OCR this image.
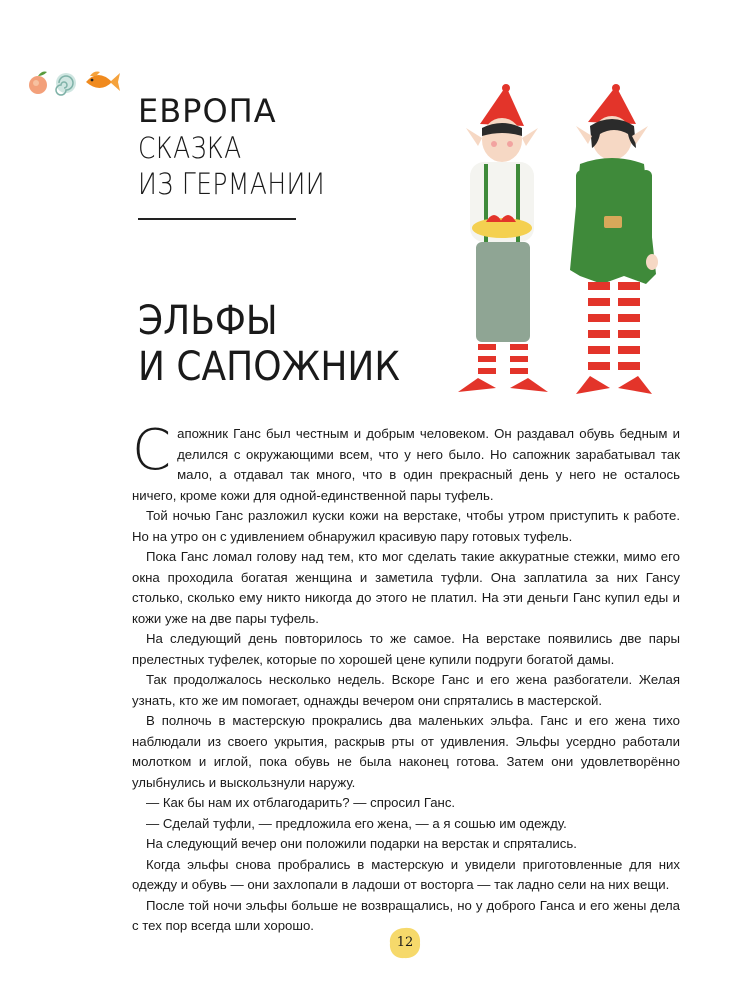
ЕВРОПА

СКАЗКА

ИЗ ГЕРМАНИИ

ЭЛЬФЫ
И САПОЖНИК

Сапожник Ганс был честным и добрым человеком. Он раздавал обувь бедным и делился с окружающими всем, что у него было. Но сапожник зарабатывал так мало, а отдавал так много, что в один прекрасный день у него не осталось ничего, кроме кожи для одной-единственной пары туфель.

Той ночью Ганс разложил куски кожи на верстаке, чтобы утром приступить к работе. Но на утро он с удивлением обнаружил красивую пару готовых туфель.

Пока Ганс ломал голову над тем, кто мог сделать такие аккуратные стежки, мимо его окна проходила богатая женщина и заметила туфли. Она заплатила за них Гансу столько, сколько ему никто никогда до этого не платил. На эти деньги Ганс купил еды и кожи уже на две пары туфель.

На следующий день повторилось то же самое. На верстаке появились две пары прелестных туфелек, которые по хорошей цене купили подруги богатой дамы.

Так продолжалось несколько недель. Вскоре Ганс и его жена разбогатели. Желая узнать, кто же им помогает, однажды вечером они спрятались в мастерской.

В полночь в мастерскую прокрались два маленьких эльфа. Ганс и его жена тихо наблюдали из своего укрытия, раскрыв рты от удивления. Эльфы усердно работали молотком и иглой, пока обувь не была наконец готова. Затем они удовлетворённо улыбнулись и выскользнули наружу.

— Как бы нам их отблагодарить? — спросил Ганс.

— Сделай туфли, — предложила его жена, — а я сошью им одежду.

На следующий вечер они положили подарки на верстак и спрятались.

Когда эльфы снова пробрались в мастерскую и увидели приготовленные для них одежду и обувь — они захлопали в ладоши от восторга — так ладно сели на них вещи.

После той ночи эльфы больше не возвращались, но у доброго Ганса и его жены дела с тех пор всегда шли хорошо.

12
